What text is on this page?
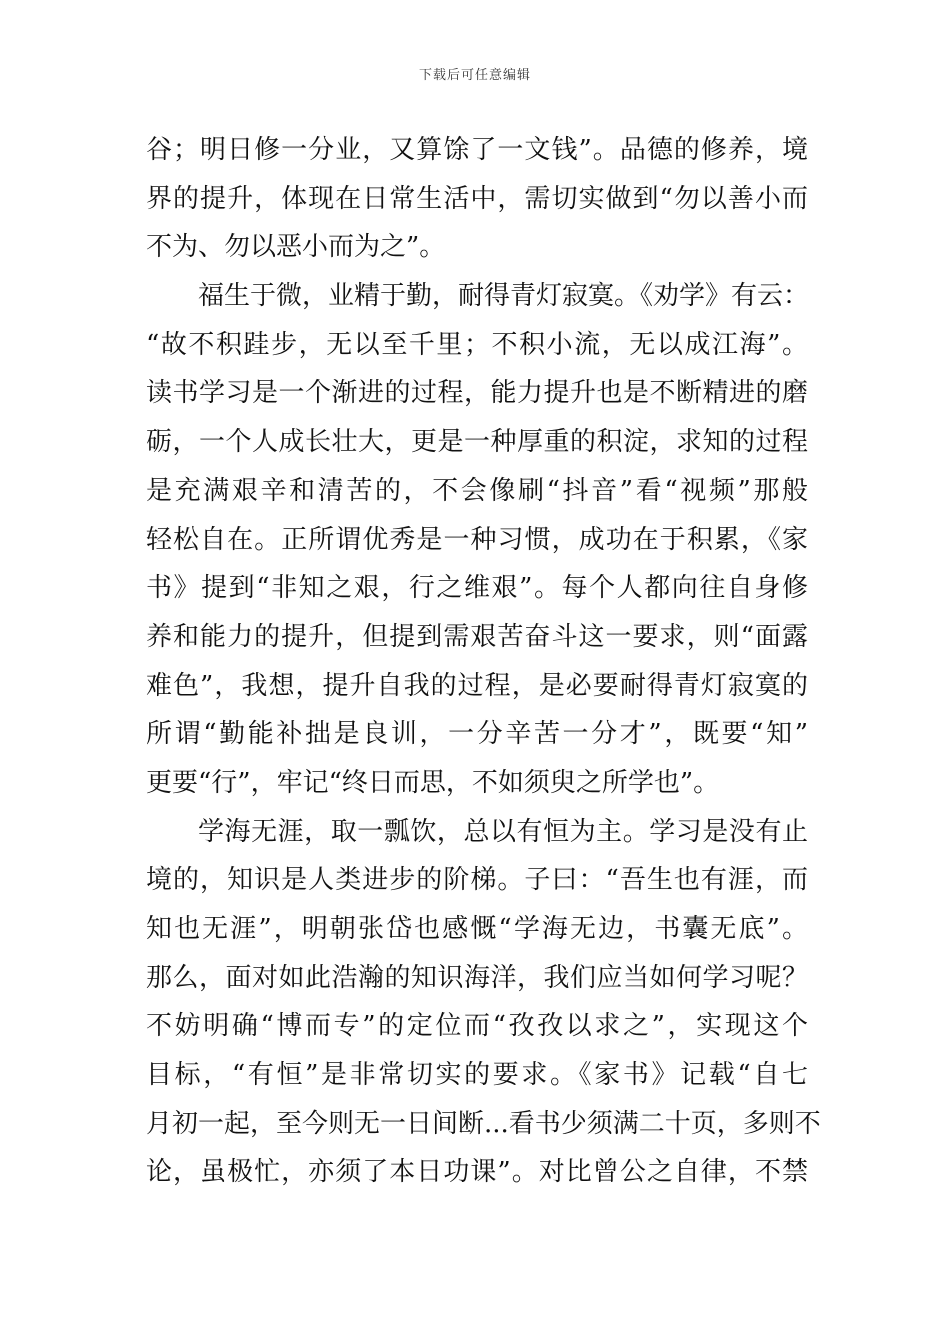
下载后可任意编辑
谷；明日修一分业，又算馀了一文钱”。品德的修养，境
界的提升，体现在日常生活中，需切实做到“勿以善小而
不为、勿以恶小而为之”。
福生于微，业精于勤，耐得青灯寂寞。《劝学》有云：
“故不积跬步，无以至千里；不积小流，无以成江海”。
读书学习是一个渐进的过程，能力提升也是不断精进的磨
砺，一个人成长壮大，更是一种厚重的积淀，求知的过程
是充满艰辛和清苦的，不会像刷“抖音”看“视频”那般
轻松自在。正所谓优秀是一种习惯，成功在于积累，《家
书》提到“非知之艰，行之维艰”。每个人都向往自身修
养和能力的提升，但提到需艰苦奋斗这一要求，则“面露
难色”，我想，提升自我的过程，是必要耐得青灯寂寞的
所谓“勤能补拙是良训，一分辛苦一分才”，既要“知”
更要“行”，牢记“终日而思，不如须臾之所学也”。
学海无涯，取一瓢饮，总以有恒为主。学习是没有止
境的，知识是人类进步的阶梯。子曰：“吾生也有涯，而
知也无涯”，明朝张岱也感慨“学海无边，书囊无底”。
那么，面对如此浩瀚的知识海洋，我们应当如何学习呢？
不妨明确“博而专”的定位而“孜孜以求之”，实现这个
目标，“有恒”是非常切实的要求。《家书》记载“自七
月初一起，至今则无一日间断...看书少须满二十页，多则不
论，虽极忙，亦须了本日功课”。对比曾公之自律，不禁
